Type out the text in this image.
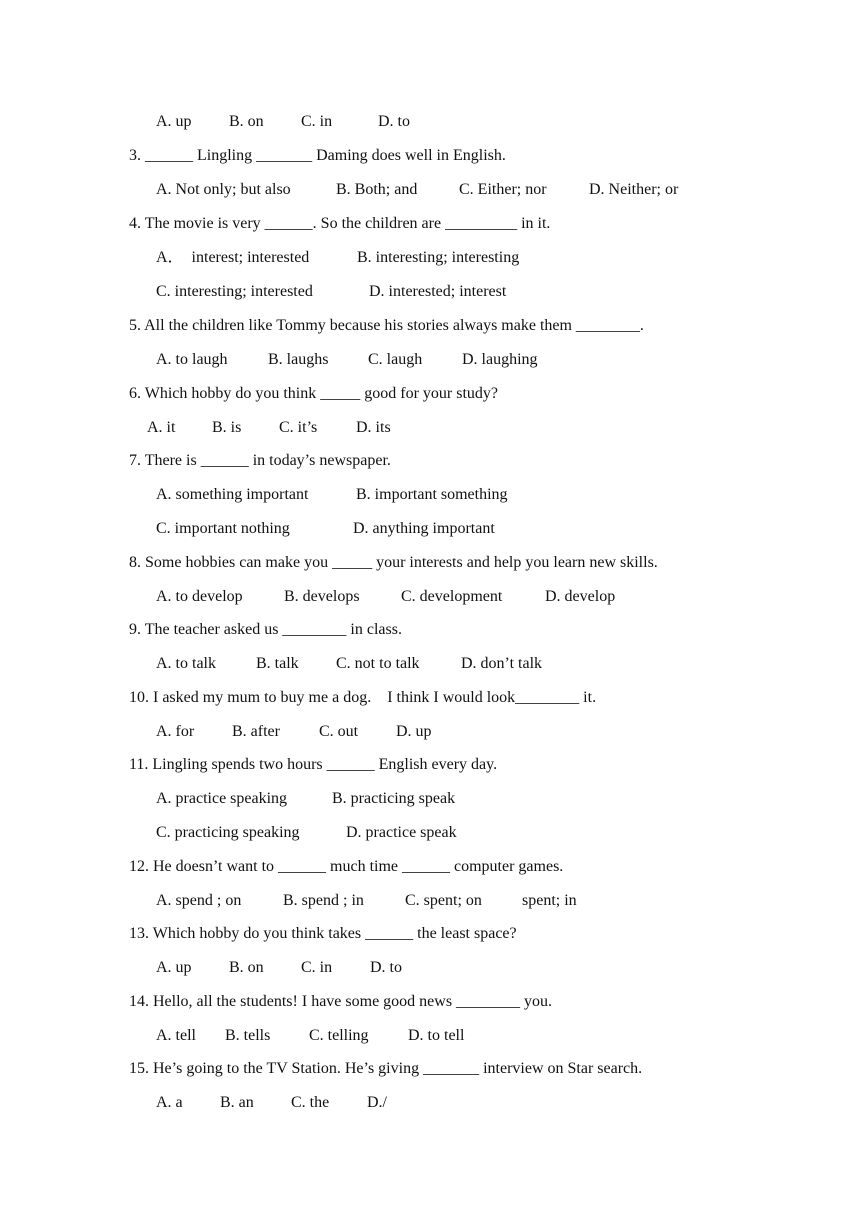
A. up

B. on

C. in

	D. to

3. ______ Lingling _______ Daming does well in English.

A. Not only; but also

	B. Both; and

	C. Either; nor

	D. Neither; or

4. The movie is very ______. So the children are _________ in it.

A．  interest; interested

	B. interesting; interesting

C. interesting; interested

	D. interested; interest

5. All the children like Tommy because his stories always make them ________.

A. to laugh

	B. laughs

C. laugh

D. laughing

6. Which hobby do you think _____ good for your study?

A. it

B. is

C. it’s

D. its

7. There is ______ in today’s newspaper.

A. something important

	B. important something

C. important nothing

	D. anything important

8. Some hobbies can make you _____ your interests and help you learn new skills.

A. to develop

	B. develops

	C. development

	D. develop

9. The teacher asked us ________ in class.

A. to talk

	B. talk

C. not to talk

	D. don’t talk

10. I asked my mum to buy me a dog.    I think I would look________ it.

A. for

B. after

C. out

D. up

11. Lingling spends two hours ______ English every day.

A. practice speaking

	B. practicing speak

C. practicing speaking

	D. practice speak

12. He doesn’t want to ______ much time ______ computer games.

A. spend ; on

	B. spend ; in

	C. spent; on

	spent; in

13. Which hobby do you think takes ______ the least space?

A. up

B. on

C. in

D. to

14. Hello, all the students! I have some good news ________ you.

A. tell

B. tells

C. telling

D. to tell

15. He’s going to the TV Station. He’s giving _______ interview on Star search.

A. a

B. an

C. the

D./
